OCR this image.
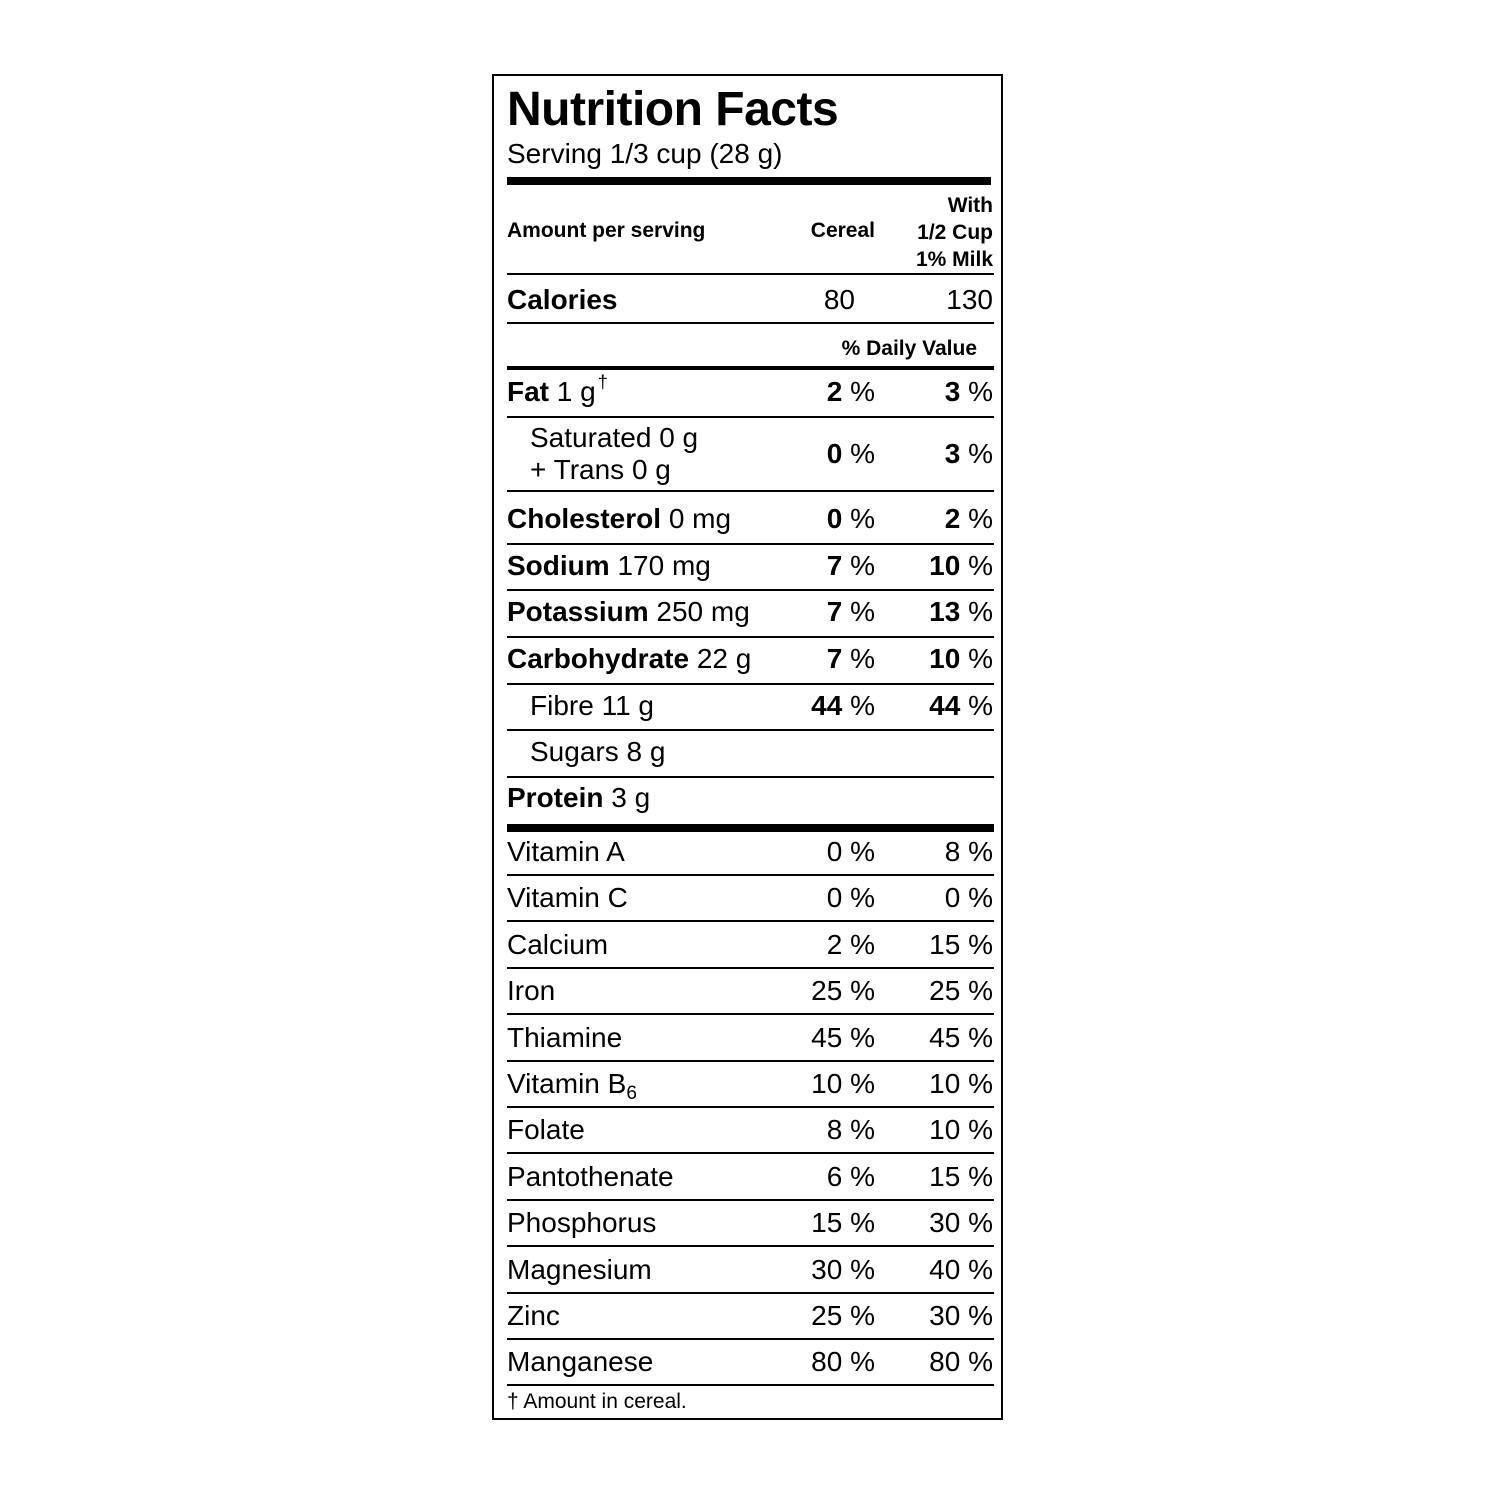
Nutrition Facts
Serving 1/3 cup (28 g)
Amount per serving	Cereal
With
1/2 Cup
1% Milk
Calories	80	130
% Daily Value
Fat 1 g †	2 % 3 %
Saturated 0 g
+ Trans 0 g
0 % 3 %
Cholesterol 0 mg	0 % 2 %
Sodium 170 mg	7 % 10 %
Potassium 250 mg	7 % 13 %
Carbohydrate 22 g	7 % 10 %
Fibre 11 g	44 % 44 %
Sugars 8 g
Protein 3 g
Vitamin A	0 % 8 %
Vitamin C	0 % 0 %
Calcium	2 % 15 %
Iron	25 % 25 %
Thiamine	45 % 45 %
Vitamin $B_6$	10 % 10 %
Folate	8 % 10 %
Pantothenate	6 % 15 %
Phosphorus	15 % 30 %
Magnesium	30 % 40 %
Zinc	25 % 30 %
Manganese	80 % 80 %
† Amount in cereal.
